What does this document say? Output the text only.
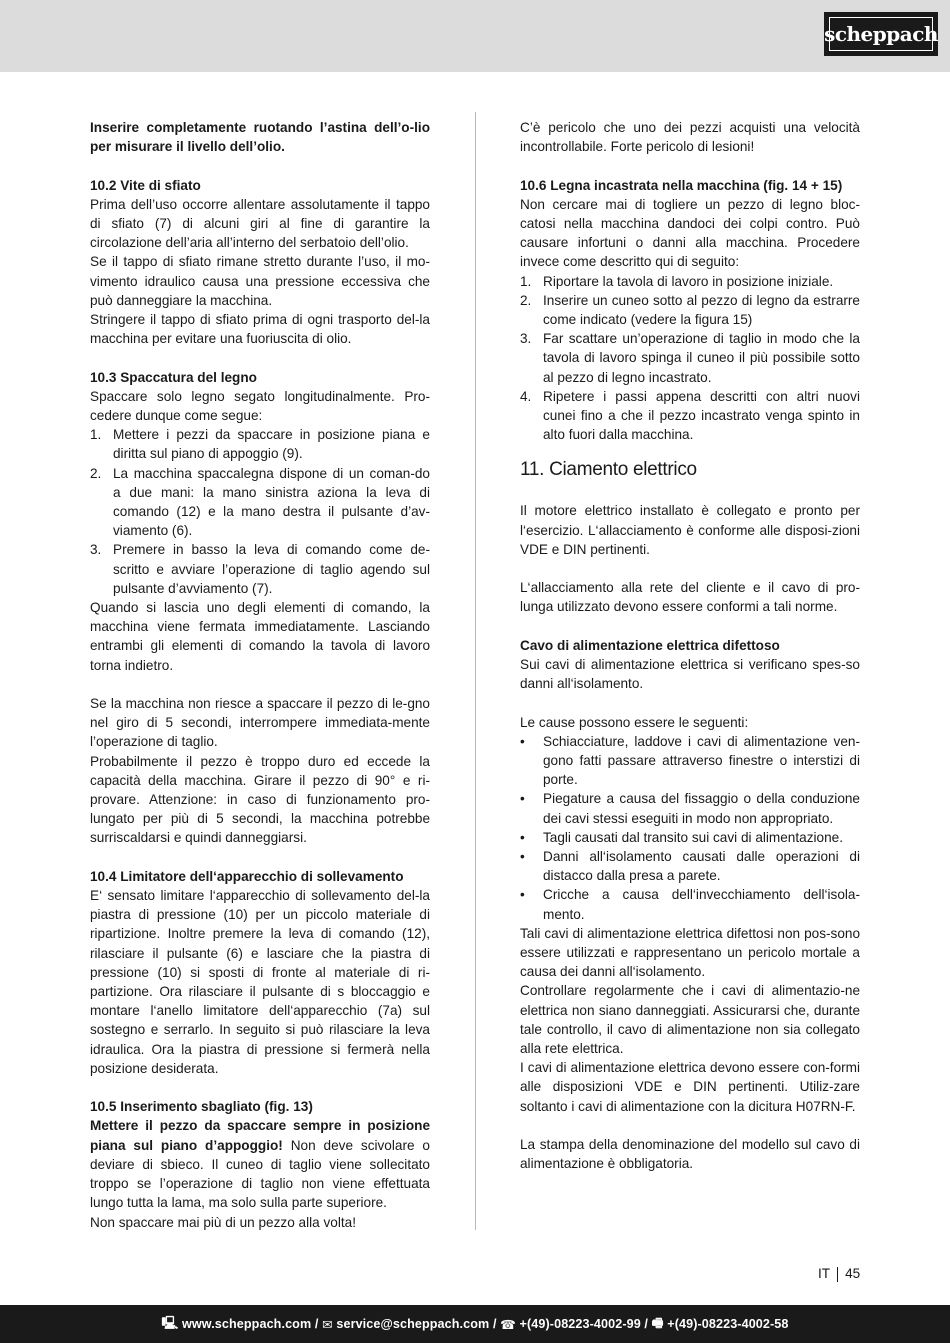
scheppach

Inserire completamente ruotando l’astina dell’o-lio per misurare il livello dell’olio.

10.2 Vite di sfiato

Prima dell’uso occorre allentare assolutamente il tappo di sfiato (7) di alcuni giri al fine di garantire la circolazione dell’aria all’interno del serbatoio dell’olio.

Se il tappo di sfiato rimane stretto durante l’uso, il mo-vimento idraulico causa una pressione eccessiva che può danneggiare la macchina.

Stringere il tappo di sfiato prima di ogni trasporto del-la macchina per evitare una fuoriuscita di olio.

10.3 Spaccatura del legno

Spaccare solo legno segato longitudinalmente. Pro-cedere dunque come segue:

1. Mettere i pezzi da spaccare in posizione piana e diritta sul piano di appoggio (9).
2. La macchina spaccalegna dispone di un coman-do a due mani: la mano sinistra aziona la leva di comando (12) e la mano destra il pulsante d’av-viamento (6).
3. Premere in basso la leva di comando come de-scritto e avviare l’operazione di taglio agendo sul pulsante d’avviamento (7).

Quando si lascia uno degli elementi di comando, la macchina viene fermata immediatamente. Lasciando entrambi gli elementi di comando la tavola di lavoro torna indietro.

Se la macchina non riesce a spaccare il pezzo di le-gno nel giro di 5 secondi, interrompere immediata-mente l’operazione di taglio.

Probabilmente il pezzo è troppo duro ed eccede la capacità della macchina. Girare il pezzo di 90° e ri-provare. Attenzione: in caso di funzionamento pro-lungato per più di 5 secondi, la macchina potrebbe surriscaldarsi e quindi danneggiarsi.

10.4 Limitatore dell‘apparecchio di sollevamento

E‘ sensato limitare l‘apparecchio di sollevamento del-la piastra di pressione (10) per un piccolo materiale di ripartizione. Inoltre premere la leva di comando (12), rilasciare il pulsante (6) e lasciare che la piastra di pressione (10) si sposti di fronte al materiale di ri-partizione. Ora rilasciare il pulsante di s bloccaggio e montare l‘anello limitatore dell‘apparecchio (7a) sul sostegno e serrarlo. In seguito si può rilasciare la leva idraulica. Ora la piastra di pressione si fermerà nella posizione desiderata.

10.5 Inserimento sbagliato (fig. 13)

Mettere il pezzo da spaccare sempre in posizione piana sul piano d’appoggio! Non deve scivolare o deviare di sbieco. Il cuneo di taglio viene sollecitato troppo se l’operazione di taglio non viene effettuata lungo tutta la lama, ma solo sulla parte superiore.

Non spaccare mai più di un pezzo alla volta!

C’è pericolo che uno dei pezzi acquisti una velocità incontrollabile. Forte pericolo di lesioni!

10.6 Legna incastrata nella macchina (fig. 14 + 15)

Non cercare mai di togliere un pezzo di legno bloc-catosi nella macchina dandoci dei colpi contro. Può causare infortuni o danni alla macchina. Procedere invece come descritto qui di seguito:

1. Riportare la tavola di lavoro in posizione iniziale.
2. Inserire un cuneo sotto al pezzo di legno da estrarre come indicato (vedere la figura 15)
3. Far scattare un’operazione di taglio in modo che la tavola di lavoro spinga il cuneo il più possibile sotto al pezzo di legno incastrato.
4. Ripetere i passi appena descritti con altri nuovi cunei fino a che il pezzo incastrato venga spinto in alto fuori dalla macchina.
11. Ciamento elettrico

Il motore elettrico installato è collegato e pronto per l‘esercizio. L‘allacciamento è conforme alle disposi-zioni VDE e DIN pertinenti.

L‘allacciamento alla rete del cliente e il cavo di pro-lunga utilizzato devono essere conformi a tali norme.

Cavo di alimentazione elettrica difettoso

Sui cavi di alimentazione elettrica si verificano spes-so danni all‘isolamento.

Le cause possono essere le seguenti:

• Schiacciature, laddove i cavi di alimentazione ven-gono fatti passare attraverso finestre o interstizi di porte.
• Piegature a causa del fissaggio o della conduzione dei cavi stessi eseguiti in modo non appropriato.
• Tagli causati dal transito sui cavi di alimentazione.
• Danni all‘isolamento causati dalle operazioni di distacco dalla presa a parete.
• Cricche a causa dell‘invecchiamento dell‘isola-mento.

Tali cavi di alimentazione elettrica difettosi non pos-sono essere utilizzati e rappresentano un pericolo mortale a causa dei danni all‘isolamento.

Controllare regolarmente che i cavi di alimentazio-ne elettrica non siano danneggiati. Assicurarsi che, durante tale controllo, il cavo di alimentazione non sia collegato alla rete elettrica.

I cavi di alimentazione elettrica devono essere con-formi alle disposizioni VDE e DIN pertinenti. Utiliz-zare soltanto i cavi di alimentazione con la dicitura H07RN-F.

La stampa della denominazione del modello sul cavo di alimentazione è obbligatoria.

IT 45
🖳︎ www.scheppach.com /
✉︎ service@scheppach.com /
☎︎ +(49)-08223-4002-99 /
🖷︎ +(49)-08223-4002-58
